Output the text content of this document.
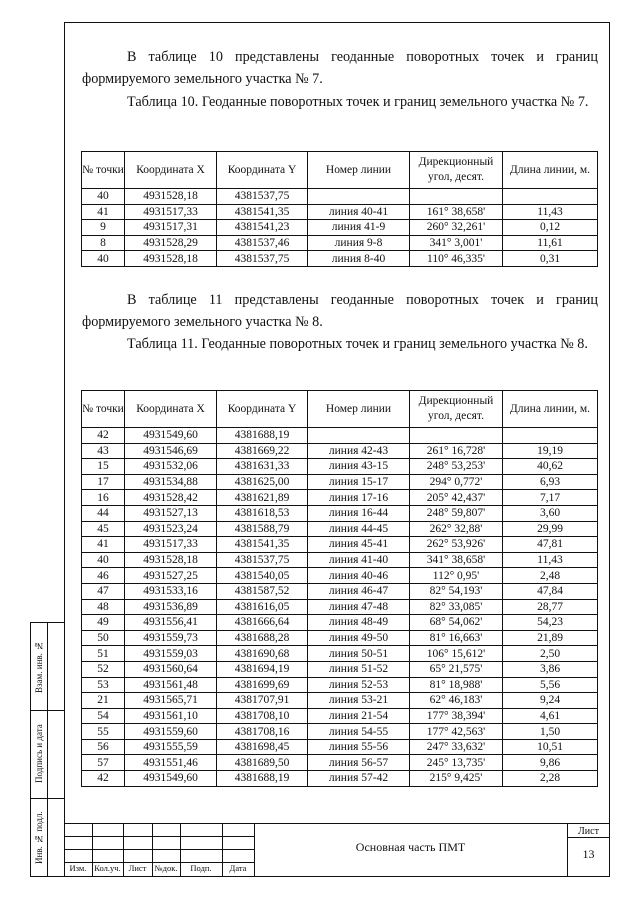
В таблице 10 представлены геоданные поворотных точек и границ формируемого земельного участка № 7.

Таблица 10. Геоданные поворотных точек и границ земельного участка № 7.

№ точки	Координата X	Координата Y	Номер линии	Дирекционный угол, десят.	Длина линии, м.
40	4931528,18	4381537,75			
41	4931517,33	4381541,35	линия 40-41	161° 38,658'	11,43
9	4931517,31	4381541,23	линия 41-9	260° 32,261'	0,12
8	4931528,29	4381537,46	линия 9-8	341° 3,001'	11,61
40	4931528,18	4381537,75	линия 8-40	110° 46,335'	0,31

В таблице 11 представлены геоданные поворотных точек и границ формируемого земельного участка № 8.

Таблица 11. Геоданные поворотных точек и границ земельного участка № 8.

№ точки	Координата X	Координата Y	Номер линии	Дирекционный угол, десят.	Длина линии, м.
42	4931549,60	4381688,19			
43	4931546,69	4381669,22	линия 42-43	261° 16,728'	19,19
15	4931532,06	4381631,33	линия 43-15	248° 53,253'	40,62
17	4931534,88	4381625,00	линия 15-17	294° 0,772'	6,93
16	4931528,42	4381621,89	линия 17-16	205° 42,437'	7,17
44	4931527,13	4381618,53	линия 16-44	248° 59,807'	3,60
45	4931523,24	4381588,79	линия 44-45	262° 32,88'	29,99
41	4931517,33	4381541,35	линия 45-41	262° 53,926'	47,81
40	4931528,18	4381537,75	линия 41-40	341° 38,658'	11,43
46	4931527,25	4381540,05	линия 40-46	112° 0,95'	2,48
47	4931533,16	4381587,52	линия 46-47	82° 54,193'	47,84
48	4931536,89	4381616,05	линия 47-48	82° 33,085'	28,77
49	4931556,41	4381666,64	линия 48-49	68° 54,062'	54,23
50	4931559,73	4381688,28	линия 49-50	81° 16,663'	21,89
51	4931559,03	4381690,68	линия 50-51	106° 15,612'	2,50
52	4931560,64	4381694,19	линия 51-52	65° 21,575'	3,86
53	4931561,48	4381699,69	линия 52-53	81° 18,988'	5,56
21	4931565,71	4381707,91	линия 53-21	62° 46,183'	9,24
54	4931561,10	4381708,10	линия 21-54	177° 38,394'	4,61
55	4931559,60	4381708,16	линия 54-55	177° 42,563'	1,50
56	4931555,59	4381698,45	линия 55-56	247° 33,632'	10,51
57	4931551,46	4381689,50	линия 56-57	245° 13,735'	9,86
42	4931549,60	4381688,19	линия 57-42	215° 9,425'	2,28
Взам. инв. №
Подпись и дата
Инв. № подл.
Изм. Кол.уч. Лист №док.	Подп.	Дата
Основная часть ПМТ
Лист
13
